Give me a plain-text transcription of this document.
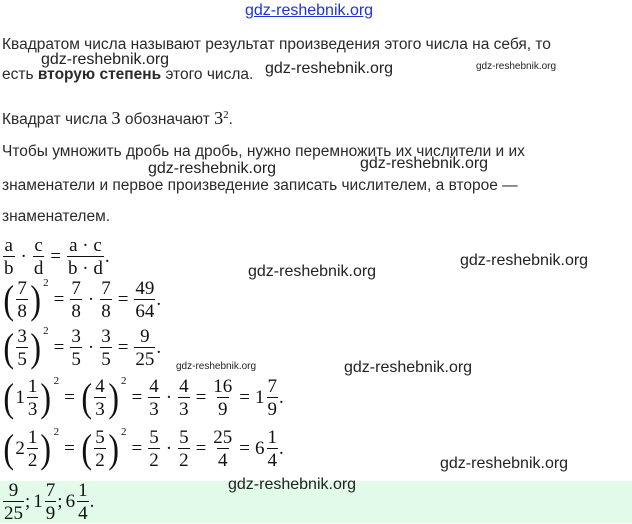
gdz-reshebnik.org
gdz-reshebnik.org
gdz-reshebnik.org	gdz-reshebnik.org
gdz-reshebnik.org	gdz-reshebnik.org
gdz-reshebnik.org
gdz-reshebnik.org
gdz-reshebnik.org	gdz-reshebnik.org
gdz-reshebnik.org
Квадратом числа называют результат произведения этого числа на себя, то
есть вторую степень этого числа.
Квадрат числа 3 обозначают $3^2$.
Чтобы умножить дробь на дробь, нужно перемножить их числители и их
знаменатели и первое произведение записать числителем, а второе —
знаменателем.
$\frac{a}{b} \cdot \frac{c}{d} = \frac{a \cdot c}{b \cdot d}$ .
( $\frac{7}{8}$ ) 2
= $\frac{7}{8} \cdot \frac{7}{8} = \frac{49}{64}$ .
( $\frac{3}{5}$ ) 2
= $\frac{3}{5} \cdot \frac{3}{5} = \frac{9}{25}$ .
( $1 \frac{1}{3}$ ) 2
= ( $\frac{4}{3}$ ) 2
= $\frac{4}{3} \cdot \frac{4}{3} = \frac{16}{9} = 1 \frac{7}{9}$ .
( $2 \frac{1}{2}$ ) 2
= ( $\frac{5}{2}$ ) 2
= $\frac{5}{2} \cdot \frac{5}{2} = \frac{25}{4} = 6 \frac{1}{4}$ .
$\frac{9}{25}$ ; $1 \frac{7}{9}$ ; $6 \frac{1}{4}$ .
gdz-reshebnik.org
